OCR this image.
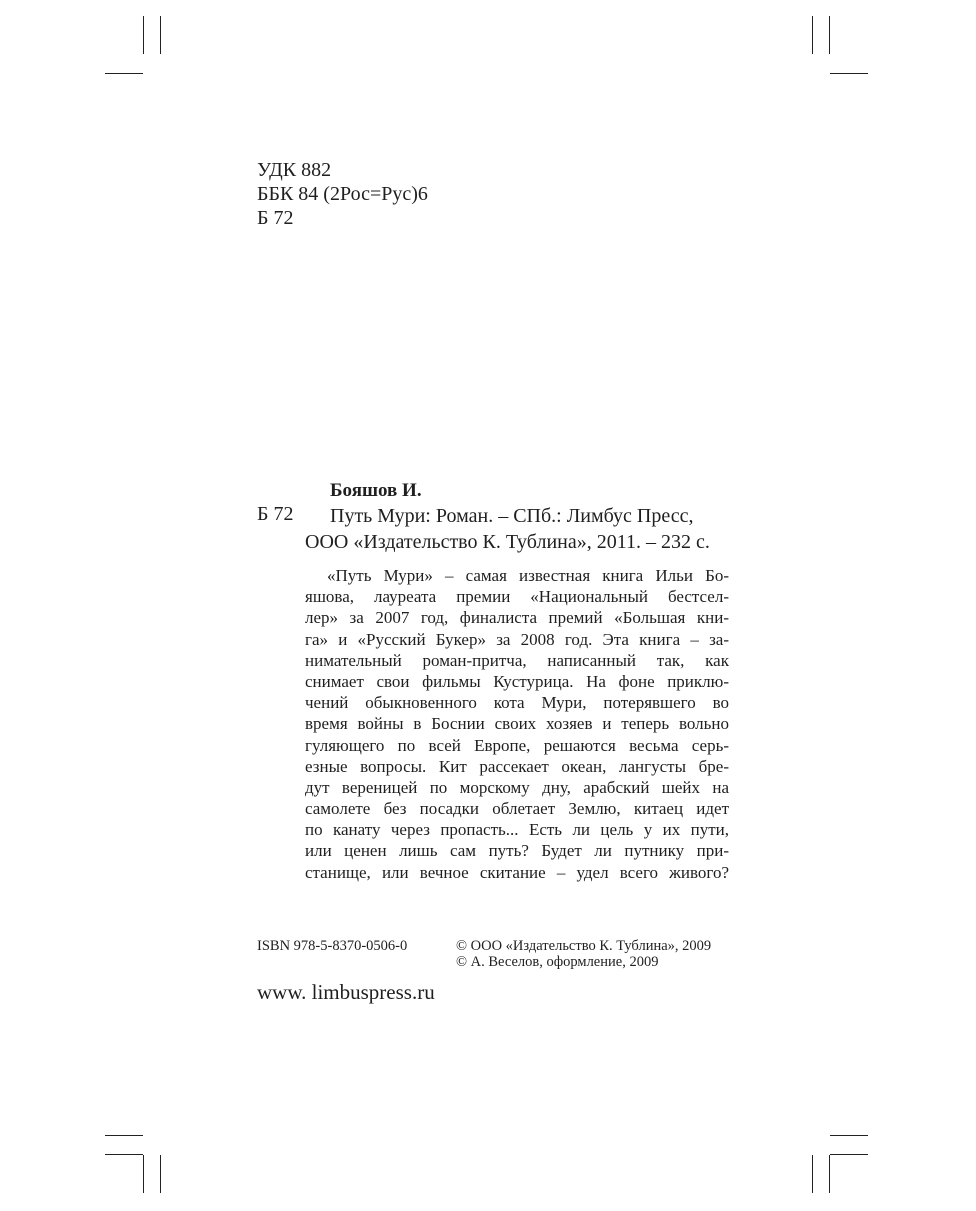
УДК 882
ББК 84 (2Рос=Рус)6
Б 72
Бояшов И.
Б 72	Путь Мури: Роман. – СПб.: Лимбус Пресс,
ООО «Издательство К. Тублина», 2011. – 232 с.
«Путь Мури» – самая известная книга Ильи Бо-
яшова, лауреата премии «Национальный бестсел-
лер» за 2007 год, финалиста премий «Большая кни-
га» и «Русский Букер» за 2008 год. Эта книга – за-
нимательный роман-притча, написанный так, как
снимает свои фильмы Кустурица. На фоне приклю-
чений обыкновенного кота Мури, потерявшего во
время войны в Боснии своих хозяев и теперь вольно
гуляющего по всей Европе, решаются весьма серь-
езные вопросы. Кит рассекает океан, лангусты бре-
дут вереницей по морскому дну, арабский шейх на
самолете без посадки облетает Землю, китаец идет
по канату через пропасть... Есть ли цель у их пути,
или ценен лишь сам путь? Будет ли путнику при-
станище, или вечное скитание – удел всего живого?
ISBN 978-5-8370-0506-0	© ООО «Издательство К. Тублина», 2009
© А. Веселов, оформление, 2009
www. limbuspress.ru
